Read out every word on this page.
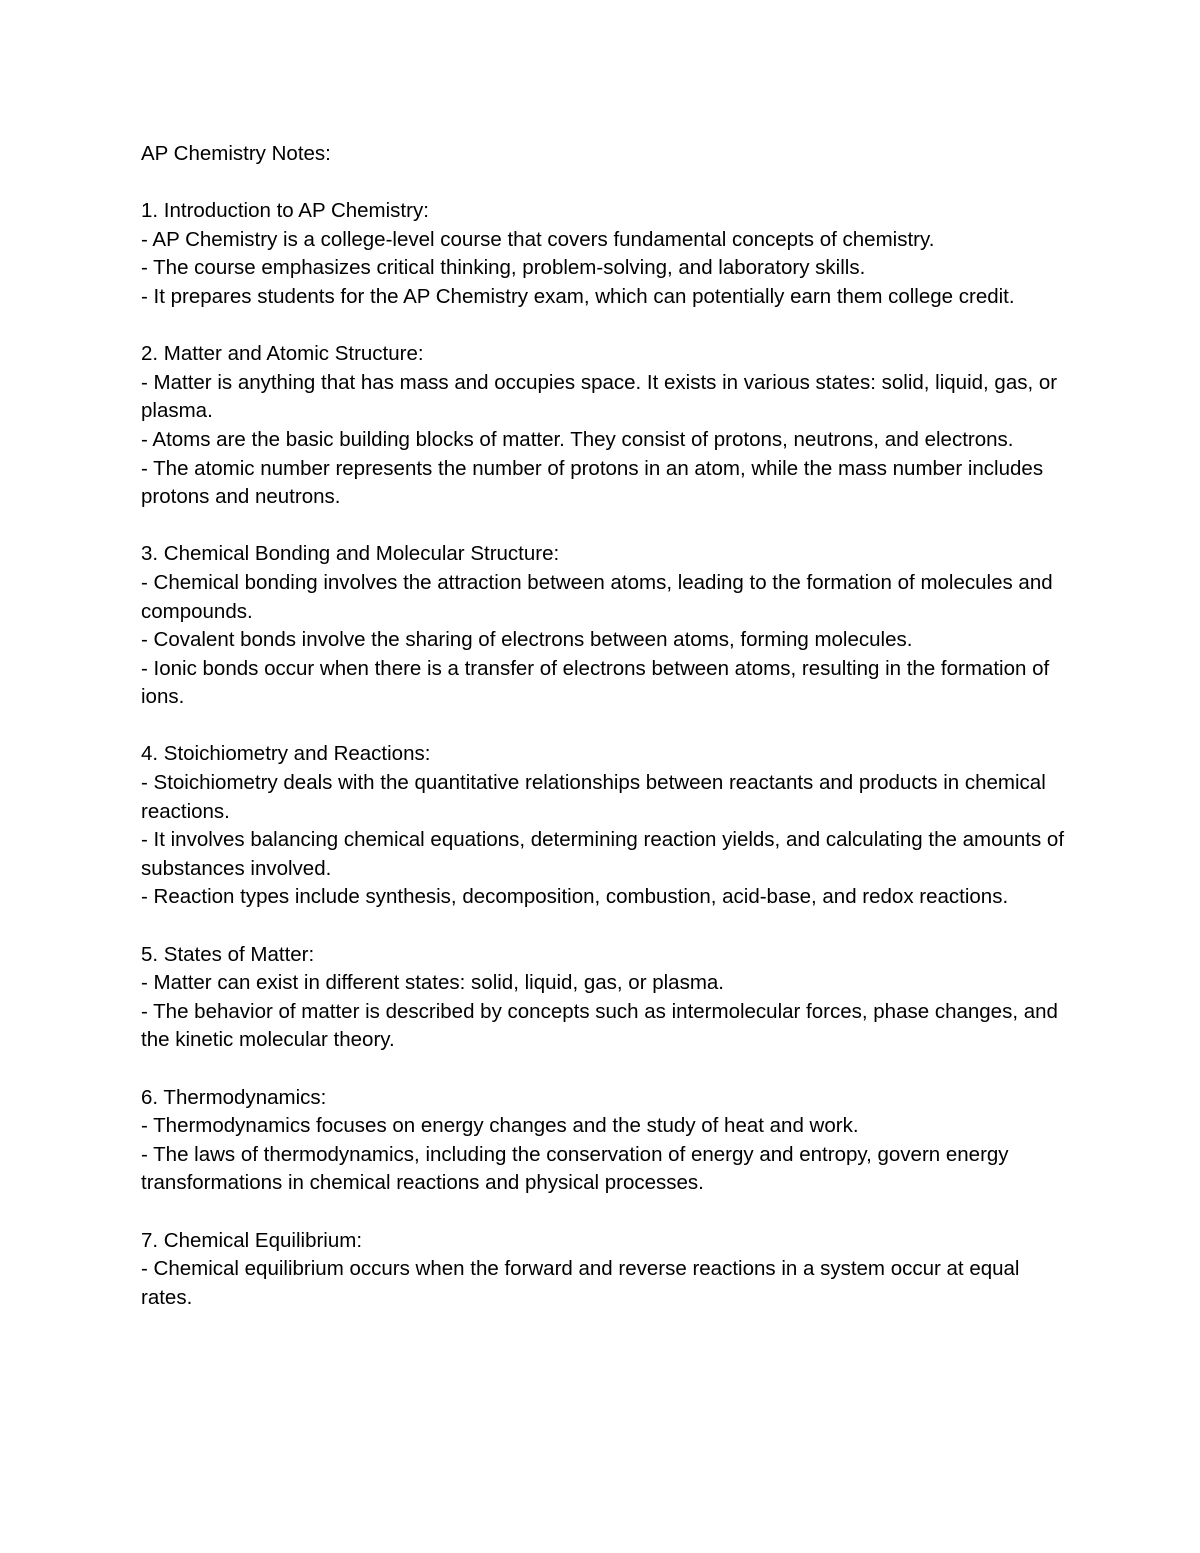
AP Chemistry Notes:
1. Introduction to AP Chemistry:
- AP Chemistry is a college-level course that covers fundamental concepts of chemistry.
- The course emphasizes critical thinking, problem-solving, and laboratory skills.
- It prepares students for the AP Chemistry exam, which can potentially earn them college credit.
2. Matter and Atomic Structure:
- Matter is anything that has mass and occupies space. It exists in various states: solid, liquid, gas, or plasma.
- Atoms are the basic building blocks of matter. They consist of protons, neutrons, and electrons.
- The atomic number represents the number of protons in an atom, while the mass number includes protons and neutrons.
3. Chemical Bonding and Molecular Structure:
- Chemical bonding involves the attraction between atoms, leading to the formation of molecules and compounds.
- Covalent bonds involve the sharing of electrons between atoms, forming molecules.
- Ionic bonds occur when there is a transfer of electrons between atoms, resulting in the formation of ions.
4. Stoichiometry and Reactions:
- Stoichiometry deals with the quantitative relationships between reactants and products in chemical reactions.
- It involves balancing chemical equations, determining reaction yields, and calculating the amounts of substances involved.
- Reaction types include synthesis, decomposition, combustion, acid-base, and redox reactions.
5. States of Matter:
- Matter can exist in different states: solid, liquid, gas, or plasma.
- The behavior of matter is described by concepts such as intermolecular forces, phase changes, and the kinetic molecular theory.
6. Thermodynamics:
- Thermodynamics focuses on energy changes and the study of heat and work.
- The laws of thermodynamics, including the conservation of energy and entropy, govern energy transformations in chemical reactions and physical processes.
7. Chemical Equilibrium:
- Chemical equilibrium occurs when the forward and reverse reactions in a system occur at equal rates.
